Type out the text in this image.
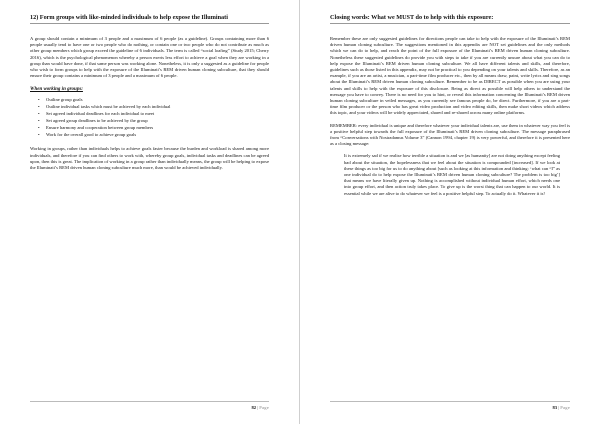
12) Form groups with like-minded individuals to help expose the Illuminati

A group should contain a minimum of 3 people and a maximum of 6 people (as a guideline). Groups containing more than 6 people usually tend to have one or two people who do nothing, or contain one or two people who do not contribute as much as other group members which group exceed the guideline of 6 individuals. The term is called “social loafing” (Study 2015; Cherry 2016), which is the psychological phenomenon whereby a person exerts less effort to achieve a goal when they are working in a group than would have done, if that same person was working alone. Nonetheless, it is only a suggested as a guideline for people who wish to form groups to help with the exposure of the Illuminati’s REM driven human cloning subculture, that they should ensure their group contains a minimum of 3 people and a maximum of 6 people.

When working in groups:
• Outline group goals
• Outline individual tasks which must be achieved by each individual
• Set agreed individual deadlines for each individual to meet
• Set agreed group deadlines to be achieved by the group
• Ensure harmony and cooperation between group members
• Work for the overall good to achieve group goals

Working in groups, rather than individuals helps to achieve goals faster because the burden and workload is shared among more individuals, and therefore if you can find others to work with, whereby group goals, individual tasks and deadlines can be agreed upon, then this is great. The implication of working in a group rather than individually means, the group will be helping to expose the Illuminati’s REM driven human cloning subculture much more, than would be achieved individually.

82 | Page
Closing words: What we MUST do to help with this exposure:

Remember these are only suggested guidelines for directions people can take to help with the exposure of the Illuminati’s REM driven human cloning subculture. The suggestions mentioned in this appendix are NOT set guidelines and the only methods which we can do to help, and reach the point of the full exposure of the Illuminati’s REM driven human cloning subculture. Nonetheless these suggested guidelines do provide you with steps to take if you are currently unsure about what you can do to help expose the Illuminati’s REM driven human cloning subculture. We all have different talents and skills, and therefore, guidelines such as those listed in this appendix, may not be practical to you depending on your talents and skills. Therefore, as an example, if you are an artist, a musician, a part-time film producer etc., then by all means draw, paint, write lyrics and sing songs about the Illuminati’s REM driven human cloning subculture. Remember to be as DIRECT as possible when you are using your talents and skills to help with the exposure of this disclosure. Being as direct as possible will help others to understand the message you have to convey. There is no need for you to hint, or reveal this information concerning the Illuminati’s REM driven human cloning subculture in veiled messages, as you currently see famous people do, be direct. Furthermore, if you are a part-time film producer or the person who has great video production and video editing skills, then make short videos which address this topic, and your videos will be widely appreciated, shared and re-shared across many online platforms.

REMEMBER: every individual is unique and therefore whatever your individual talents are, use them in whatever way you feel is a positive helpful step towards the full exposure of the Illuminati’s REM driven cloning subculture. The message paraphrased from “Conversations with Nostradamus Volume 3” (Cannon 1994, chapter 19) is very powerful, and therefore it is presented here as a closing message:

It is extremely sad if we realise how terrible a situation is and we [as humanity] are not doing anything except feeling bad about the situation, the hopelessness that we feel about the situation is compounded [increased]. If we look at these things as too big for us to do anything about [such as looking at this information and thinking: ‘what can “I” as one individual do to help expose the Illuminati’s REM driven human cloning subculture? The problem is too big’] that means we have literally given up. Nothing is accomplished without individual human effort, which needs one into group effort, and then action truly takes place. To give up is the worst thing that can happen to our world. It is essential while we are alive to do whatever we feel is a positive helpful step. To actually do it. Whatever it is!

83 | Page
